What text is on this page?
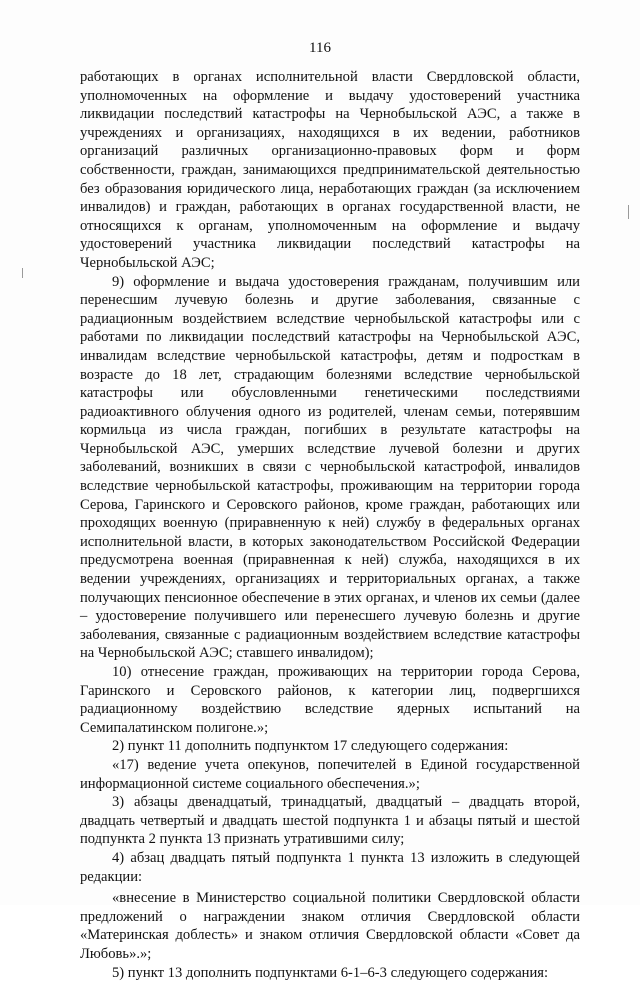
116

работающих в органах исполнительной власти Свердловской области, уполномоченных на оформление и выдачу удостоверений участника ликвидации последствий катастрофы на Чернобыльской АЭС, а также в учреждениях и организациях, находящихся в их ведении, работников организаций различных организационно-правовых форм и форм собственности, граждан, занимающихся предпринимательской деятельностью без образования юридического лица, неработающих граждан (за исключением инвалидов) и граждан, работающих в органах государственной власти, не относящихся к органам, уполномоченным на оформление и выдачу удостоверений участника ликвидации последствий катастрофы на Чернобыльской АЭС;

9) оформление и выдача удостоверения гражданам, получившим или перенесшим лучевую болезнь и другие заболевания, связанные с радиационным воздействием вследствие чернобыльской катастрофы или с работами по ликвидации последствий катастрофы на Чернобыльской АЭС, инвалидам вследствие чернобыльской катастрофы, детям и подросткам в возрасте до 18 лет, страдающим болезнями вследствие чернобыльской катастрофы или обусловленными генетическими последствиями радиоактивного облучения одного из родителей, членам семьи, потерявшим кормильца из числа граждан, погибших в результате катастрофы на Чернобыльской АЭС, умерших вследствие лучевой болезни и других заболеваний, возникших в связи с чернобыльской катастрофой, инвалидов вследствие чернобыльской катастрофы, проживающим на территории города Серова, Гаринского и Серовского районов, кроме граждан, работающих или проходящих военную (приравненную к ней) службу в федеральных органах исполнительной власти, в которых законодательством Российской Федерации предусмотрена военная (приравненная к ней) служба, находящихся в их ведении учреждениях, организациях и территориальных органах, а также получающих пенсионное обеспечение в этих органах, и членов их семьи (далее – удостоверение получившего или перенесшего лучевую болезнь и другие заболевания, связанные с радиационным воздействием вследствие катастрофы на Чернобыльской АЭС; ставшего инвалидом);

10) отнесение граждан, проживающих на территории города Серова, Гаринского и Серовского районов, к категории лиц, подвергшихся радиационному воздействию вследствие ядерных испытаний на Семипалатинском полигоне.»;

2) пункт 11 дополнить подпунктом 17 следующего содержания:

«17) ведение учета опекунов, попечителей в Единой государственной информационной системе социального обеспечения.»;

3) абзацы двенадцатый, тринадцатый, двадцатый – двадцать второй, двадцать четвертый и двадцать шестой подпункта 1 и абзацы пятый и шестой подпункта 2 пункта 13 признать утратившими силу;

4) абзац двадцать пятый подпункта 1 пункта 13 изложить в следующей редакции:

«внесение в Министерство социальной политики Свердловской области предложений о награждении знаком отличия Свердловской области «Материнская доблесть» и знаком отличия Свердловской области «Совет да Любовь».»;

5) пункт 13 дополнить подпунктами 6-1–6-3 следующего содержания:
